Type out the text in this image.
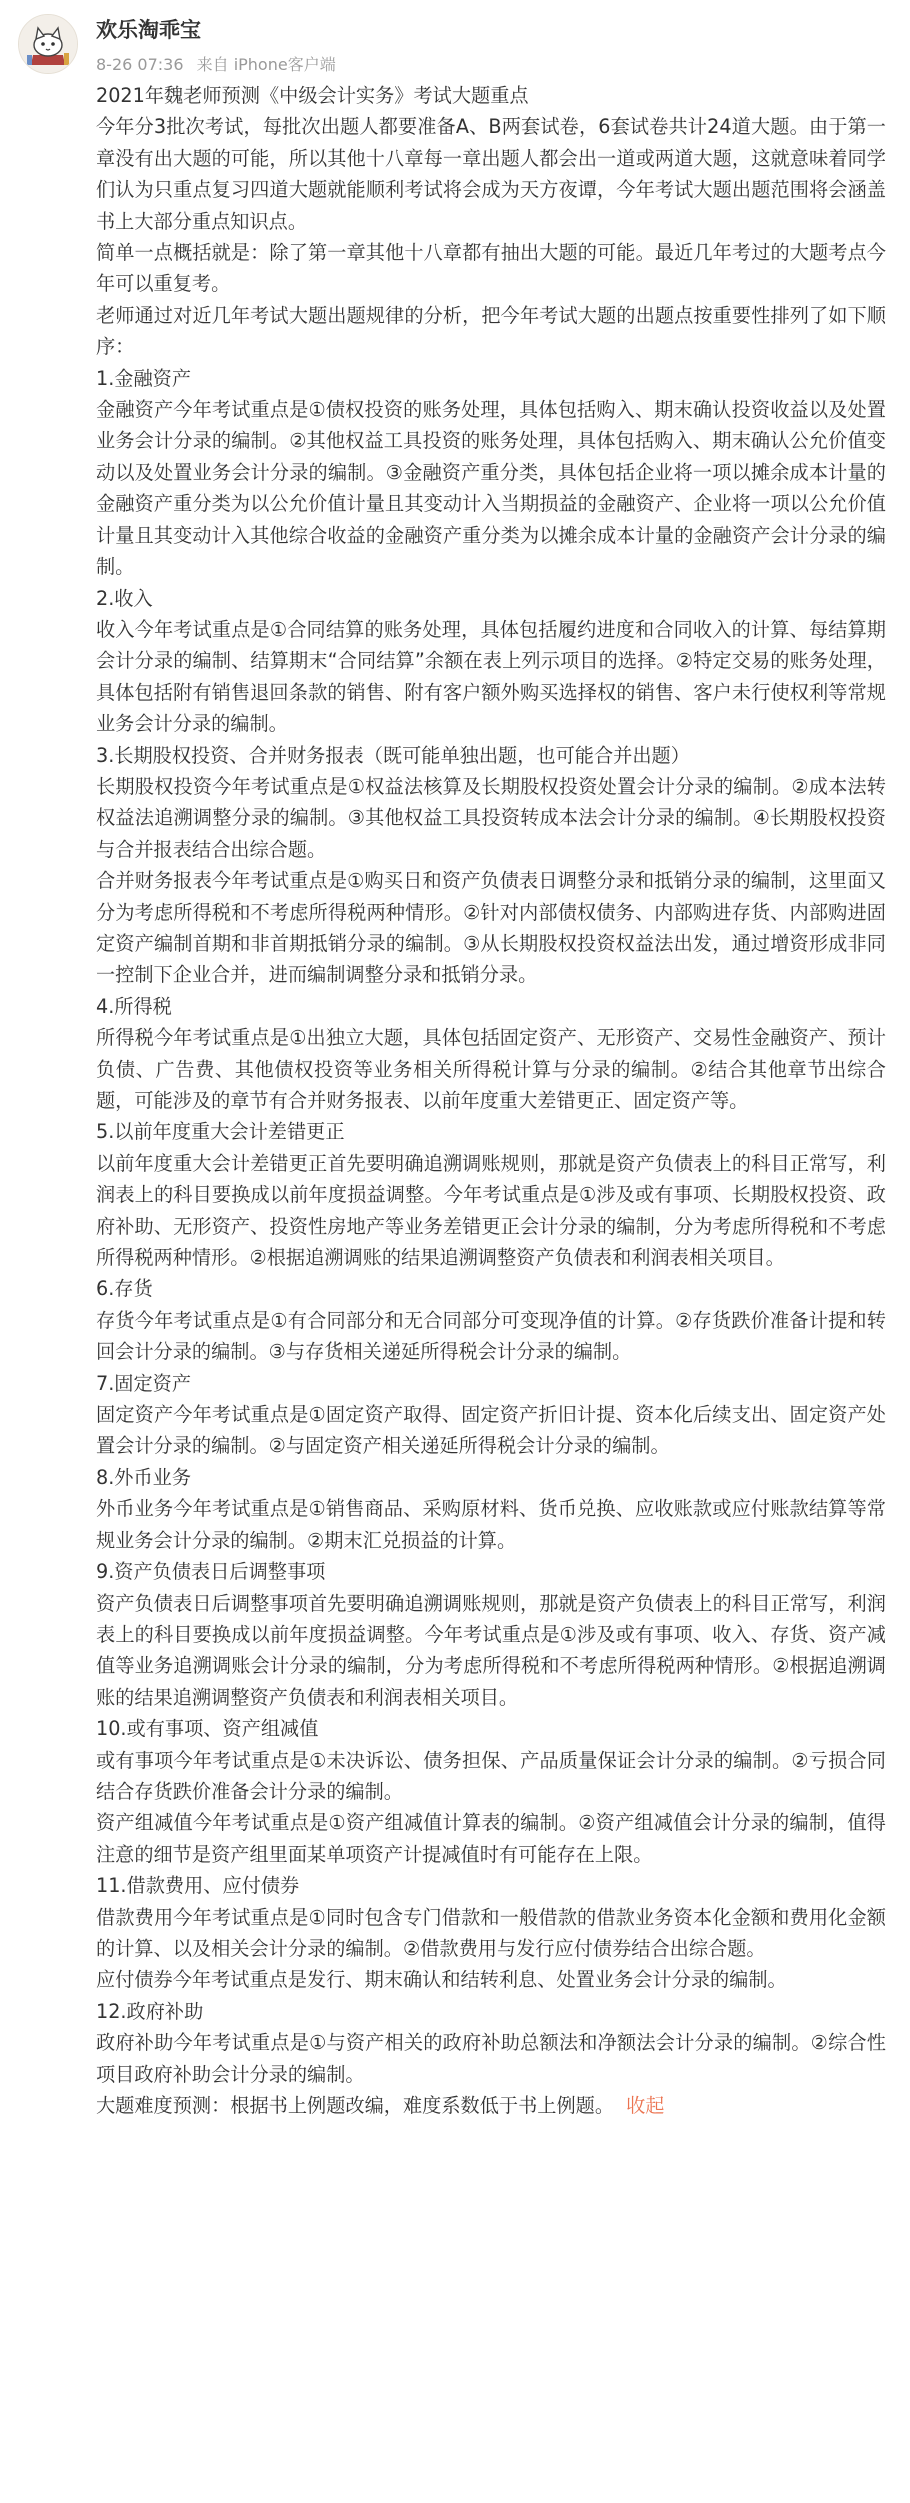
欢乐淘乖宝
8-26 07:36 来自 iPhone客户端

2021年魏老师预测《中级会计实务》考试大题重点

今年分3批次考试，每批次出题人都要准备A、B两套试卷，6套试卷共计24道大题。由于第一章没有出大题的可能，所以其他十八章每一章出题人都会出一道或两道大题，这就意味着同学们认为只重点复习四道大题就能顺利考试将会成为天方夜谭，今年考试大题出题范围将会涵盖书上大部分重点知识点。

简单一点概括就是：除了第一章其他十八章都有抽出大题的可能。最近几年考过的大题考点今年可以重复考。

老师通过对近几年考试大题出题规律的分析，把今年考试大题的出题点按重要性排列了如下顺序：

1.金融资产

金融资产今年考试重点是①债权投资的账务处理，具体包括购入、期末确认投资收益以及处置业务会计分录的编制。②其他权益工具投资的账务处理，具体包括购入、期末确认公允价值变动以及处置业务会计分录的编制。③金融资产重分类，具体包括企业将一项以摊余成本计量的金融资产重分类为以公允价值计量且其变动计入当期损益的金融资产、企业将一项以公允价值计量且其变动计入其他综合收益的金融资产重分类为以摊余成本计量的金融资产会计分录的编制。

2.收入

收入今年考试重点是①合同结算的账务处理，具体包括履约进度和合同收入的计算、每结算期会计分录的编制、结算期末“合同结算”余额在表上列示项目的选择。②特定交易的账务处理，具体包括附有销售退回条款的销售、附有客户额外购买选择权的销售、客户未行使权利等常规业务会计分录的编制。

3.长期股权投资、合并财务报表（既可能单独出题，也可能合并出题）

长期股权投资今年考试重点是①权益法核算及长期股权投资处置会计分录的编制。②成本法转权益法追溯调整分录的编制。③其他权益工具投资转成本法会计分录的编制。④长期股权投资与合并报表结合出综合题。

合并财务报表今年考试重点是①购买日和资产负债表日调整分录和抵销分录的编制，这里面又分为考虑所得税和不考虑所得税两种情形。②针对内部债权债务、内部购进存货、内部购进固定资产编制首期和非首期抵销分录的编制。③从长期股权投资权益法出发，通过增资形成非同一控制下企业合并，进而编制调整分录和抵销分录。

4.所得税

所得税今年考试重点是①出独立大题，具体包括固定资产、无形资产、交易性金融资产、预计负债、广告费、其他债权投资等业务相关所得税计算与分录的编制。②结合其他章节出综合题，可能涉及的章节有合并财务报表、以前年度重大差错更正、固定资产等。

5.以前年度重大会计差错更正

以前年度重大会计差错更正首先要明确追溯调账规则，那就是资产负债表上的科目正常写，利润表上的科目要换成以前年度损益调整。今年考试重点是①涉及或有事项、长期股权投资、政府补助、无形资产、投资性房地产等业务差错更正会计分录的编制，分为考虑所得税和不考虑所得税两种情形。②根据追溯调账的结果追溯调整资产负债表和利润表相关项目。

6.存货

存货今年考试重点是①有合同部分和无合同部分可变现净值的计算。②存货跌价准备计提和转回会计分录的编制。③与存货相关递延所得税会计分录的编制。

7.固定资产

固定资产今年考试重点是①固定资产取得、固定资产折旧计提、资本化后续支出、固定资产处置会计分录的编制。②与固定资产相关递延所得税会计分录的编制。

8.外币业务

外币业务今年考试重点是①销售商品、采购原材料、货币兑换、应收账款或应付账款结算等常规业务会计分录的编制。②期末汇兑损益的计算。

9.资产负债表日后调整事项

资产负债表日后调整事项首先要明确追溯调账规则，那就是资产负债表上的科目正常写，利润表上的科目要换成以前年度损益调整。今年考试重点是①涉及或有事项、收入、存货、资产减值等业务追溯调账会计分录的编制，分为考虑所得税和不考虑所得税两种情形。②根据追溯调账的结果追溯调整资产负债表和利润表相关项目。

10.或有事项、资产组减值

或有事项今年考试重点是①未决诉讼、债务担保、产品质量保证会计分录的编制。②亏损合同结合存货跌价准备会计分录的编制。

资产组减值今年考试重点是①资产组减值计算表的编制。②资产组减值会计分录的编制，值得注意的细节是资产组里面某单项资产计提减值时有可能存在上限。

11.借款费用、应付债券

借款费用今年考试重点是①同时包含专门借款和一般借款的借款业务资本化金额和费用化金额的计算、以及相关会计分录的编制。②借款费用与发行应付债券结合出综合题。

应付债券今年考试重点是发行、期末确认和结转利息、处置业务会计分录的编制。

12.政府补助

政府补助今年考试重点是①与资产相关的政府补助总额法和净额法会计分录的编制。②综合性项目政府补助会计分录的编制。

大题难度预测：根据书上例题改编，难度系数低于书上例题。 收起
